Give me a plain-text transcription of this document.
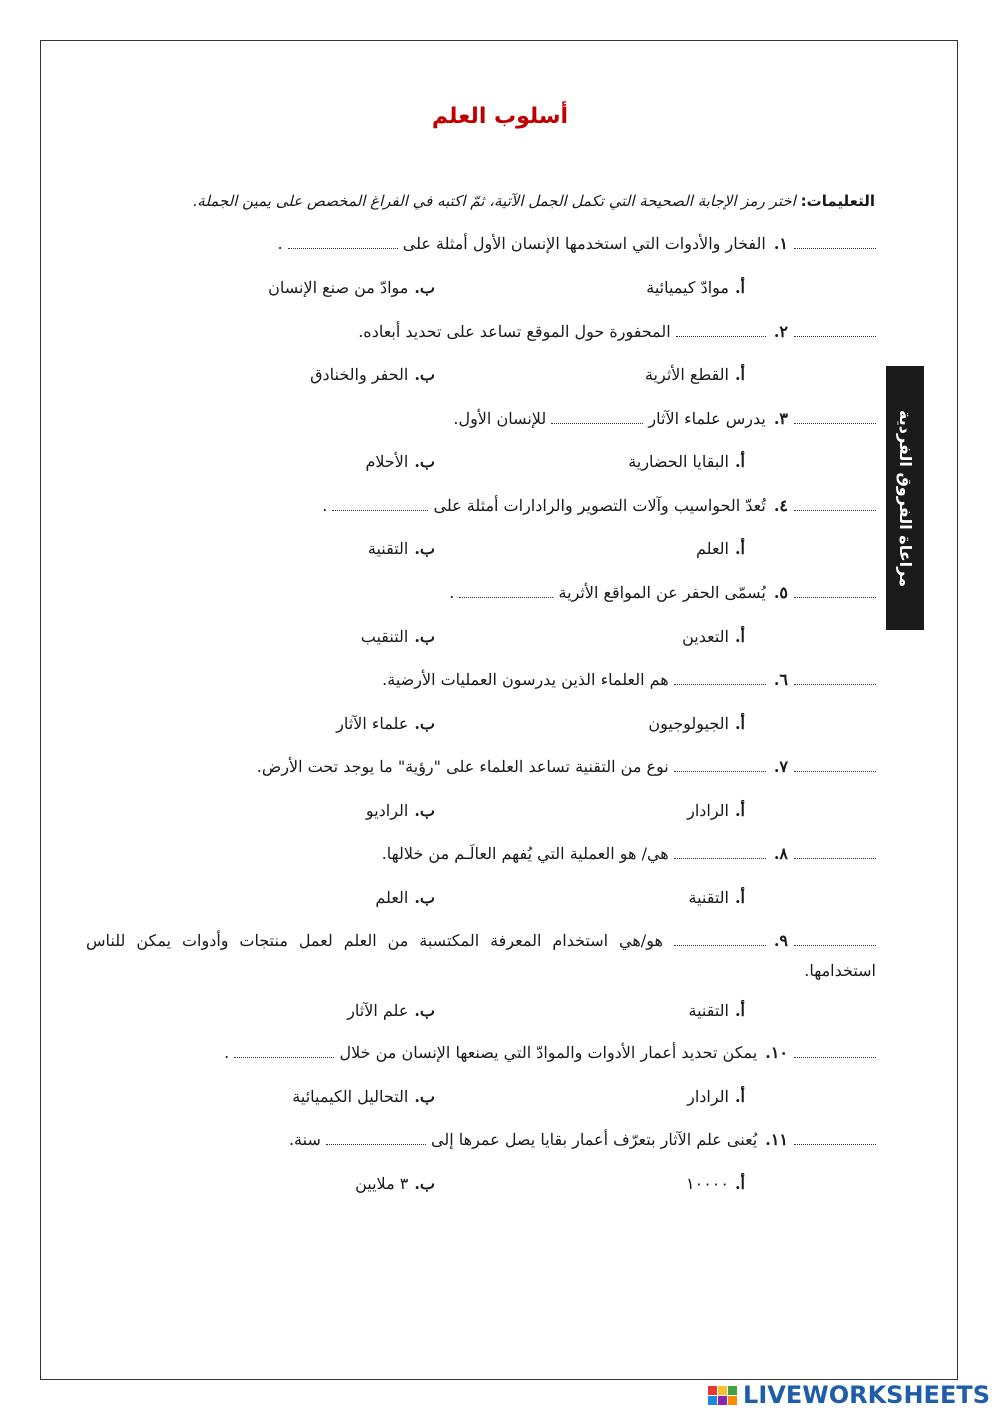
أسلوب العلم
التعليمات: اختر رمز الإجابة الصحيحة التي تكمل الجمل الآتية، ثمّ اكتبه في الفراغ المخصص على يمين الجملة.
مراعاة الفروق الفردية
١.الفخار والأدوات التي استخدمها الإنسان الأول أمثلة على  .
أ.موادّ كيميائية
ب.موادّ من صنع الإنسان
٢. المحفورة حول الموقع تساعد على تحديد أبعاده.
أ.القطع الأثرية
ب.الحفر والخنادق
٣.يدرس علماء الآثار  للإنسان الأول.
أ.البقايا الحضارية
ب.الأحلام
٤.تُعدّ الحواسيب وآلات التصوير والرادارات أمثلة على  .
أ.العلم
ب.التقنية
٥.يُسمّى الحفر عن المواقع الأثرية  .
أ.التعدين
ب.التنقيب
٦. هم العلماء الذين يدرسون العمليات الأرضية.
أ.الجيولوجيون
ب.علماء الآثار
٧. نوع من التقنية تساعد العلماء على "رؤية" ما يوجد تحت الأرض.
أ.الرادار
ب.الراديو
٨. هي/ هو العملية التي يُفهم العالَـم من خلالها.
أ.التقنية
ب.العلم
٩. هو/هي استخدام المعرفة المكتسبة من العلم لعمل منتجات وأدوات يمكن للناس استخدامها.
أ.التقنية
ب.علم الآثار
١٠.يمكن تحديد أعمار الأدوات والموادّ التي يصنعها الإنسان من خلال  .
أ.الرادار
ب.التحاليل الكيميائية
١١.يُعنى علم الآثار بتعرّف أعمار بقايا يصل عمرها إلى  سنة.
أ.١٠٠٠٠
ب.٣ ملايين
LIVEWORKSHEETS
